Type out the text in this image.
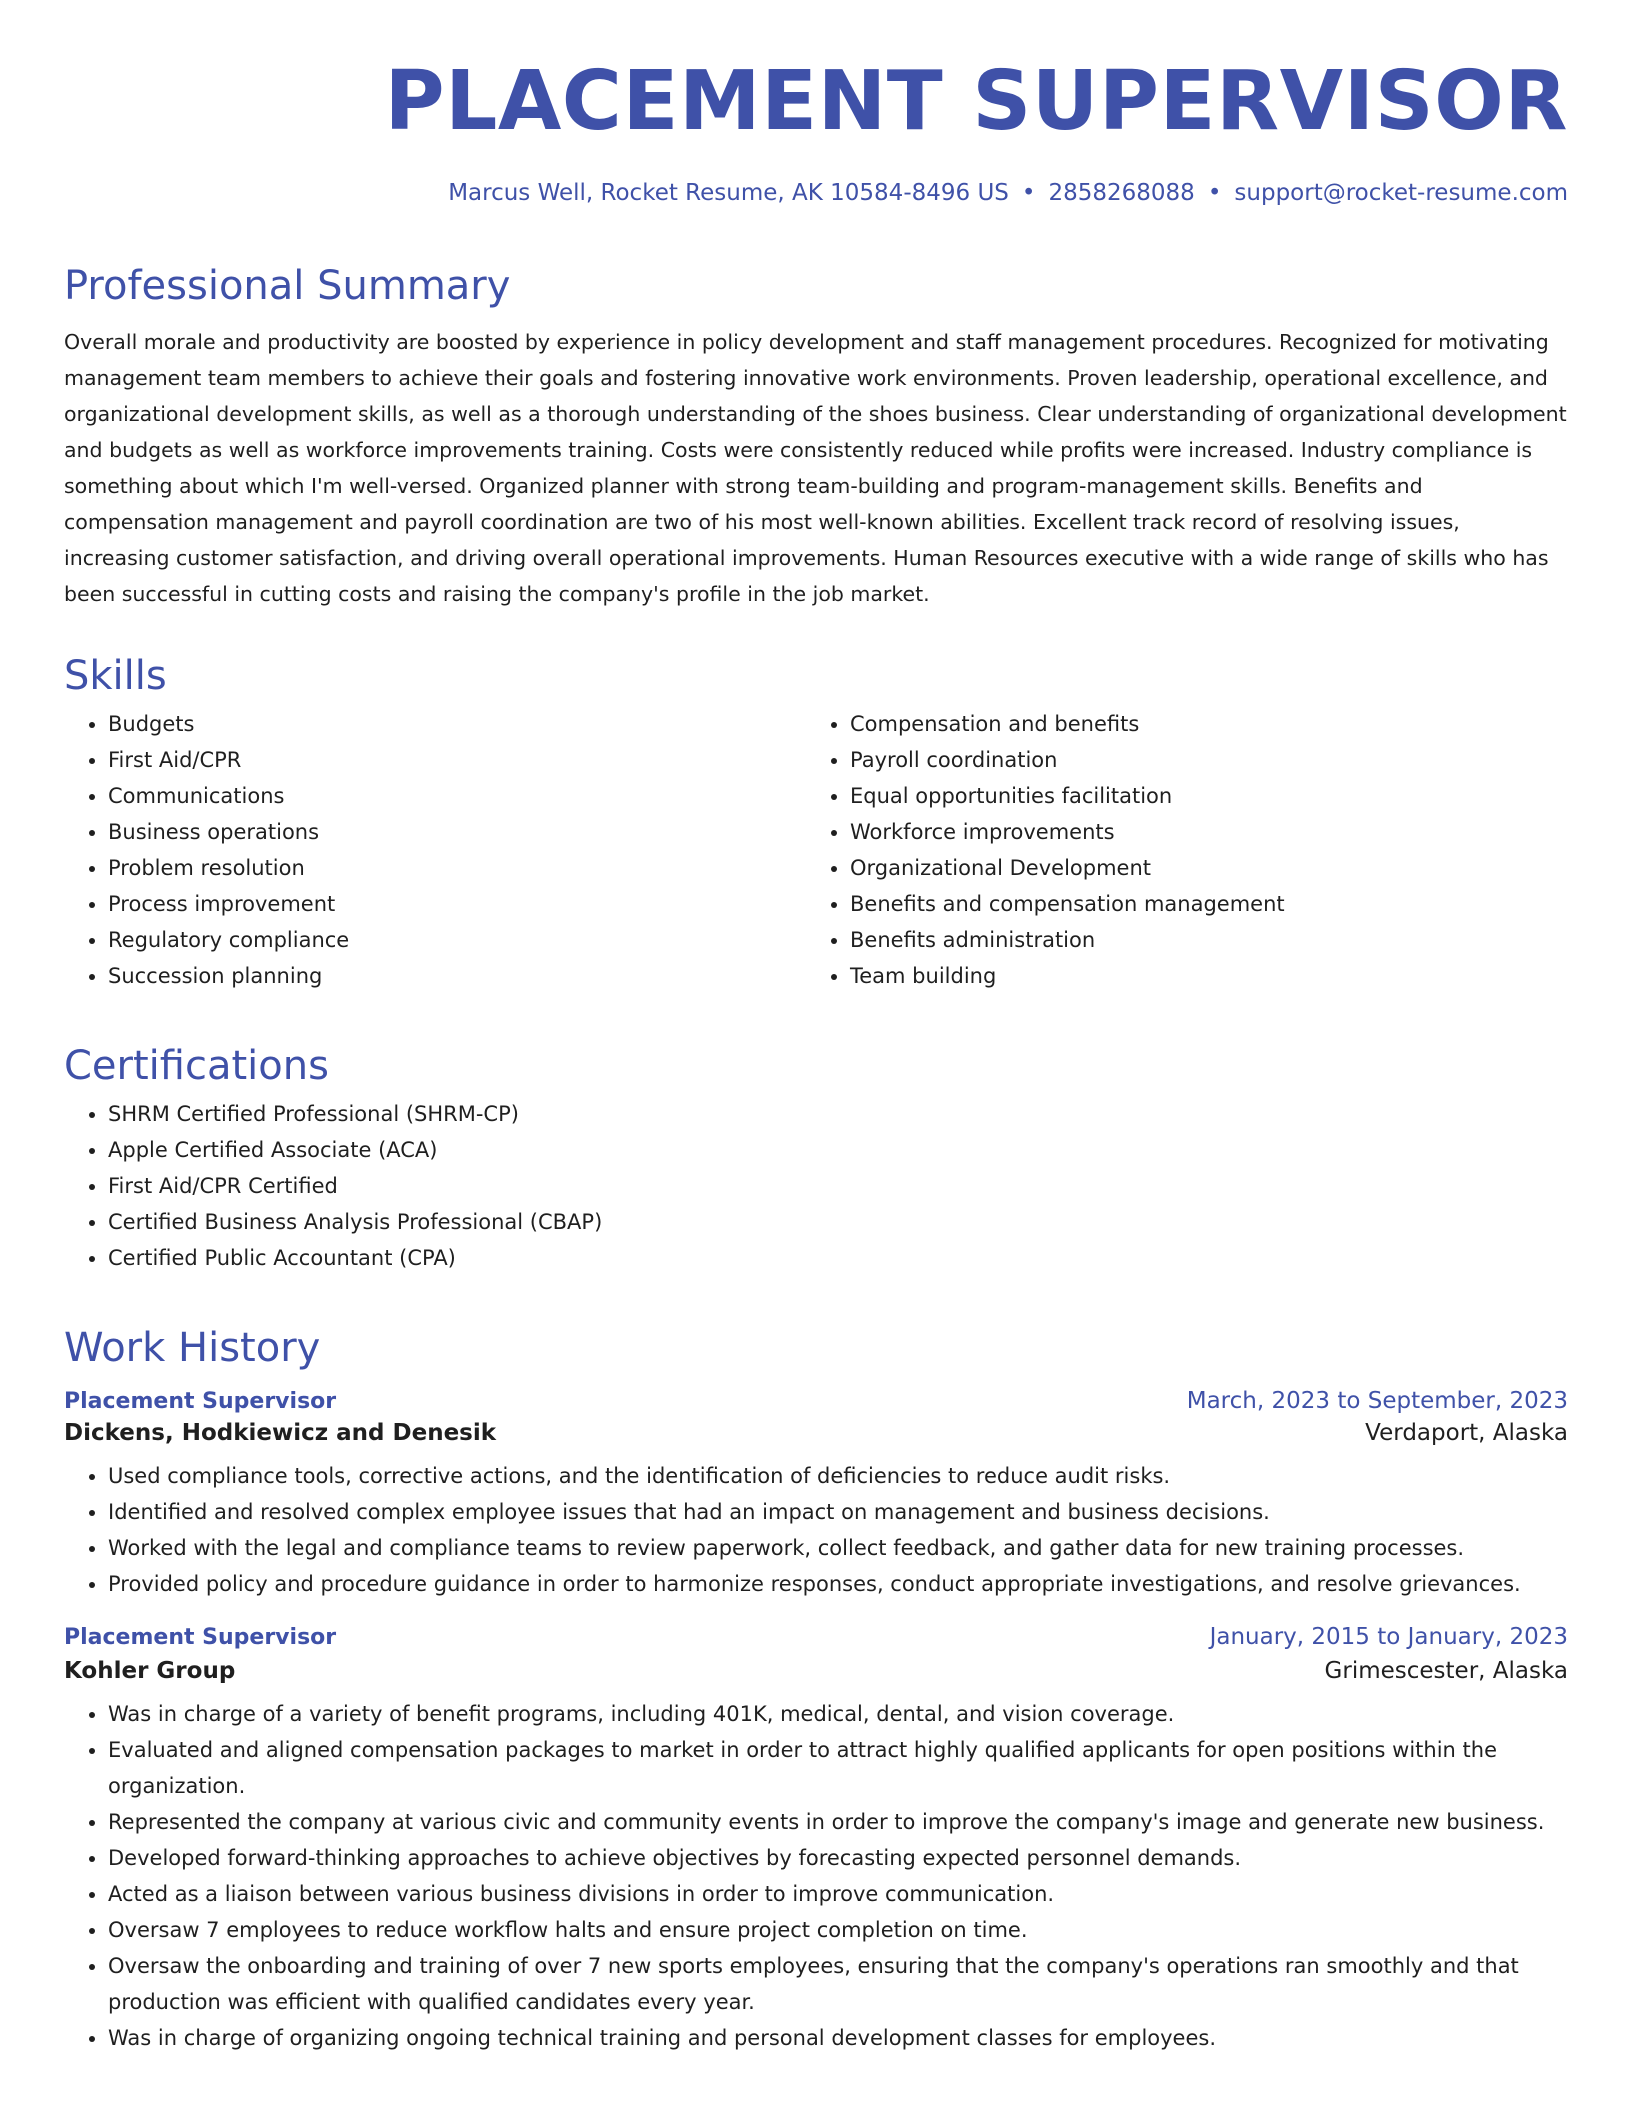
PLACEMENT SUPERVISOR
Marcus Well, Rocket Resume, AK 10584-8496 US • 2858268088 • support@rocket-resume.com
Professional Summary

Overall morale and productivity are boosted by experience in policy development and staff management procedures. Recognized for motivating management team members to achieve their goals and fostering innovative work environments. Proven leadership, operational excellence, and organizational development skills, as well as a thorough understanding of the shoes business. Clear understanding of organizational development and budgets as well as workforce improvements training. Costs were consistently reduced while profits were increased. Industry compliance is something about which I'm well-versed. Organized planner with strong team-building and program-management skills. Benefits and compensation management and payroll coordination are two of his most well-known abilities. Excellent track record of resolving issues, increasing customer satisfaction, and driving overall operational improvements. Human Resources executive with a wide range of skills who has been successful in cutting costs and raising the company's profile in the job market.

Skills
• Budgets
• First Aid/CPR
• Communications
• Business operations
• Problem resolution
• Process improvement
• Regulatory compliance
• Succession planning
• Compensation and benefits
• Payroll coordination
• Equal opportunities facilitation
• Workforce improvements
• Organizational Development
• Benefits and compensation management
• Benefits administration
• Team building
Certifications
• SHRM Certified Professional (SHRM-CP)
• Apple Certified Associate (ACA)
• First Aid/CPR Certified
• Certified Business Analysis Professional (CBAP)
• Certified Public Accountant (CPA)
Work History
Placement Supervisor	March, 2023 to September, 2023
Dickens, Hodkiewicz and Denesik	Verdaport, Alaska
• Used compliance tools, corrective actions, and the identification of deficiencies to reduce audit risks.
• Identified and resolved complex employee issues that had an impact on management and business decisions.
• Worked with the legal and compliance teams to review paperwork, collect feedback, and gather data for new training processes.
• Provided policy and procedure guidance in order to harmonize responses, conduct appropriate investigations, and resolve grievances.
Placement Supervisor	January, 2015 to January, 2023
Kohler Group	Grimescester, Alaska
• Was in charge of a variety of benefit programs, including 401K, medical, dental, and vision coverage.
• Evaluated and aligned compensation packages to market in order to attract highly qualified applicants for open positions within the organization.
• Represented the company at various civic and community events in order to improve the company's image and generate new business.
• Developed forward-thinking approaches to achieve objectives by forecasting expected personnel demands.
• Acted as a liaison between various business divisions in order to improve communication.
• Oversaw 7 employees to reduce workflow halts and ensure project completion on time.
• Oversaw the onboarding and training of over 7 new sports employees, ensuring that the company's operations ran smoothly and that production was efficient with qualified candidates every year.
• Was in charge of organizing ongoing technical training and personal development classes for employees.
